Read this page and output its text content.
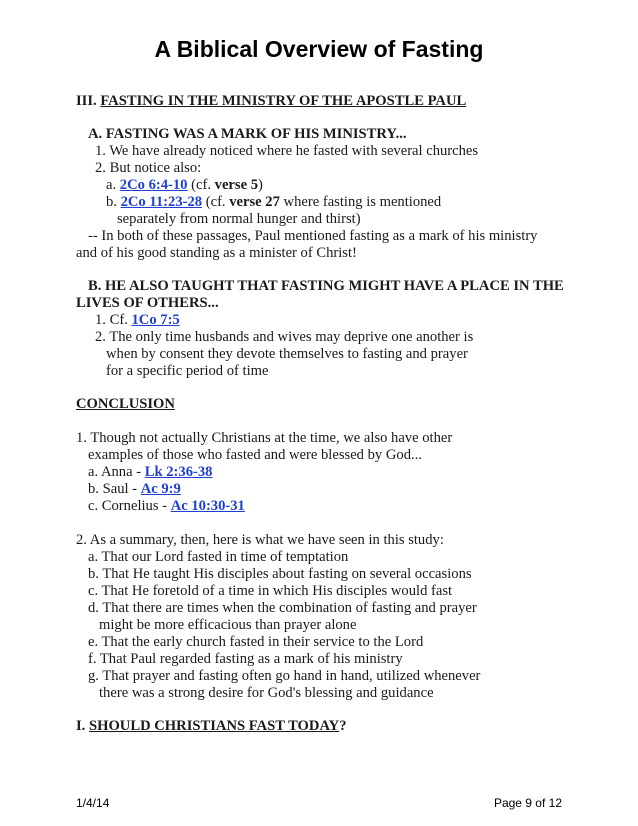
A Biblical Overview of Fasting
III. FASTING IN THE MINISTRY OF THE APOSTLE PAUL
A. FASTING WAS A MARK OF HIS MINISTRY...
1. We have already noticed where he fasted with several churches
2. But notice also:
a. 2Co 6:4-10 (cf. verse 5)
b. 2Co 11:23-28 (cf. verse 27 where fasting is mentioned
separately from normal hunger and thirst)
-- In both of these passages, Paul mentioned fasting as a mark of his ministry
and of his good standing as a minister of Christ!
B. HE ALSO TAUGHT THAT FASTING MIGHT HAVE A PLACE IN THE
LIVES OF OTHERS...
1. Cf. 1Co 7:5
2. The only time husbands and wives may deprive one another is
when by consent they devote themselves to fasting and prayer
for a specific period of time
CONCLUSION
1. Though not actually Christians at the time, we also have other
examples of those who fasted and were blessed by God...
a. Anna - Lk 2:36-38
b. Saul - Ac 9:9
c. Cornelius - Ac 10:30-31
2. As a summary, then, here is what we have seen in this study:
a. That our Lord fasted in time of temptation
b. That He taught His disciples about fasting on several occasions
c. That He foretold of a time in which His disciples would fast
d. That there are times when the combination of fasting and prayer
might be more efficacious than prayer alone
e. That the early church fasted in their service to the Lord
f. That Paul regarded fasting as a mark of his ministry
g. That prayer and fasting often go hand in hand, utilized whenever
there was a strong desire for God's blessing and guidance
I. SHOULD CHRISTIANS FAST TODAY?
1/4/14	Page 9 of 12
